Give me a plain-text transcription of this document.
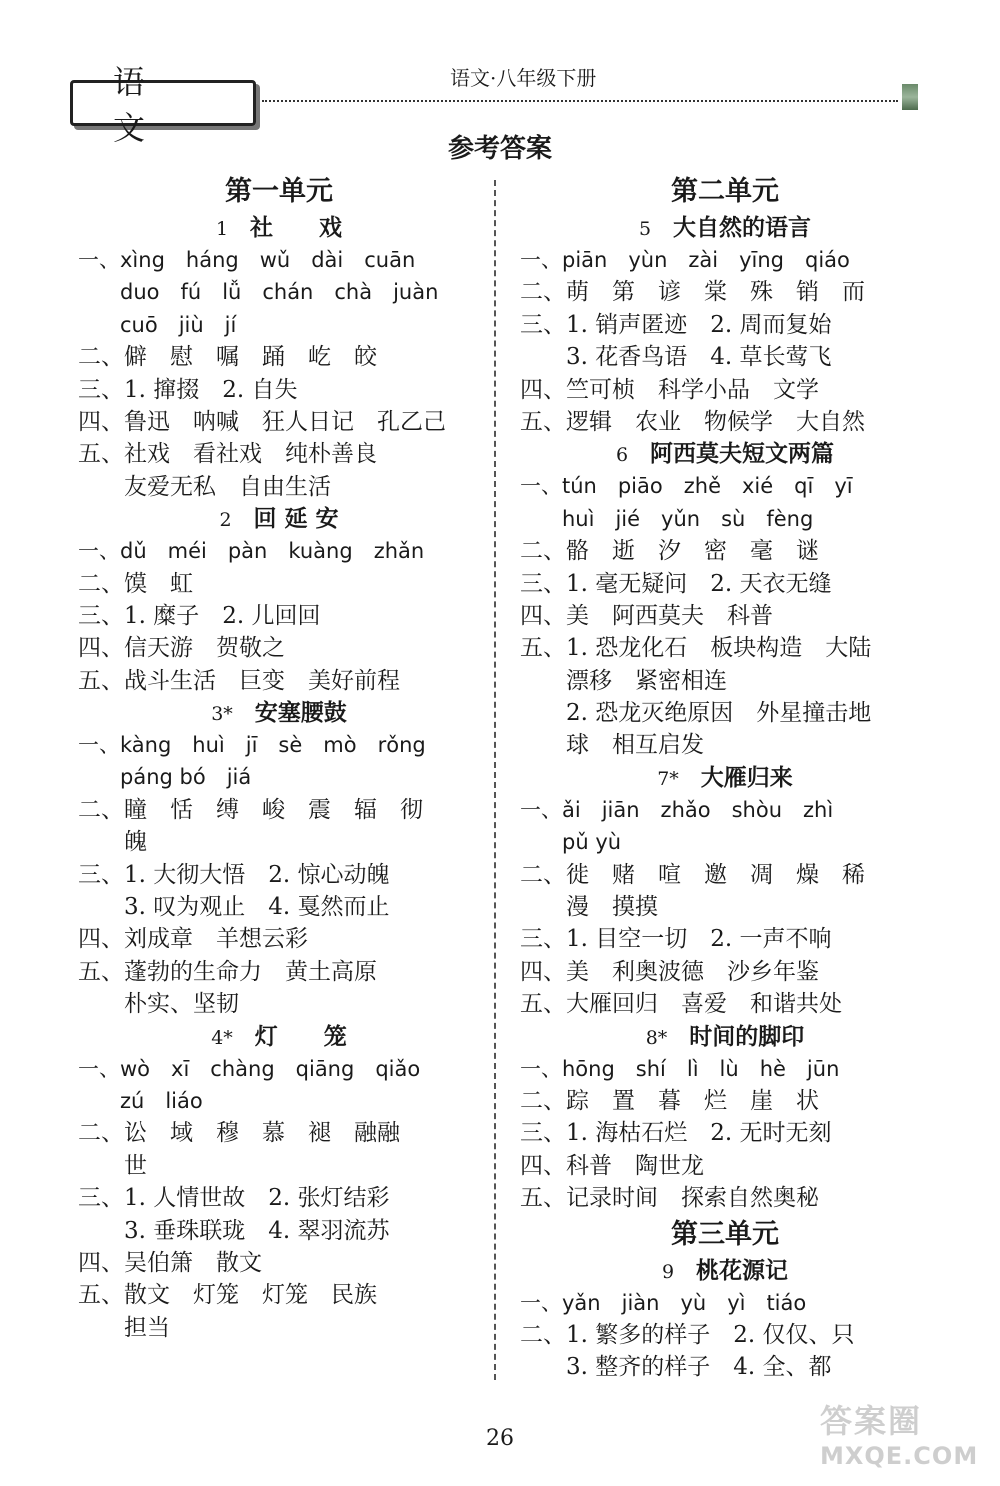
语文
语文·八年级下册
参考答案
第一单元
1 社　　戏
一、xìng　háng　wǔ　dài　cuān
　　duo　fú　lǚ　chán　chà　juàn
　　cuō　jiù　jí
二、僻　慰　嘱　踊　屹　皎
三、1. 撺掇　2. 自失
四、鲁迅　呐喊　狂人日记　孔乙己
五、社戏　看社戏　纯朴善良
　　友爱无私　自由生活
2 回 延 安
一、dǔ　méi　pàn　kuàng　zhǎn
二、馍　虹
三、1. 糜子　2. 儿回回
四、信天游　贺敬之
五、战斗生活　巨变　美好前程
3* 安塞腰鼓
一、kàng　huì　jī　sè　mò　rǒng
　　páng bó　jiá
二、瞳　恬　缚　峻　震　辐　彻
　　魄
三、1. 大彻大悟　2. 惊心动魄
　　3. 叹为观止　4. 戛然而止
四、刘成章　羊想云彩
五、蓬勃的生命力　黄土高原
　　朴实、坚韧
4* 灯　　笼
一、wò　xī　chàng　qiāng　qiǎo
　　zú　liáo
二、讼　域　穆　慕　褪　融融
　　世
三、1. 人情世故　2. 张灯结彩
　　3. 垂珠联珑　4. 翠羽流苏
四、吴伯箫　散文
五、散文　灯笼　灯笼　民族
　　担当
第二单元
5 大自然的语言
一、piān　yùn　zài　yīng　qiáo
二、萌　第　谚　棠　殊　销　而
三、1. 销声匿迹　2. 周而复始
　　3. 花香鸟语　4. 草长莺飞
四、竺可桢　科学小品　文学
五、逻辑　农业　物候学　大自然
6 阿西莫夫短文两篇
一、tún　piāo　zhě　xié　qī　yī
　　huì　jié　yǔn　sù　fèng
二、骼　逝　汐　密　毫　谜
三、1. 毫无疑问　2. 天衣无缝
四、美　阿西莫夫　科普
五、1. 恐龙化石　板块构造　大陆
　　漂移　紧密相连
　　2. 恐龙灭绝原因　外星撞击地
　　球　相互启发
7* 大雁归来
一、ǎi　jiān　zhǎo　shòu　zhì
　　pǔ yù
二、徙　赌　喧　邀　凋　燥　稀
　　漫　摸摸
三、1. 目空一切　2. 一声不响
四、美　利奥波德　沙乡年鉴
五、大雁回归　喜爱　和谐共处
8* 时间的脚印
一、hōng　shí　lì　lù　hè　jūn
二、踪　置　暮　烂　崖　状
三、1. 海枯石烂　2. 无时无刻
四、科普　陶世龙
五、记录时间　探索自然奥秘
第三单元
9 桃花源记
一、yǎn　jiàn　yù　yì　tiáo
二、1. 繁多的样子　2. 仅仅、只
　　3. 整齐的样子　4. 全、都
26	答案圈
MXQE.COM
